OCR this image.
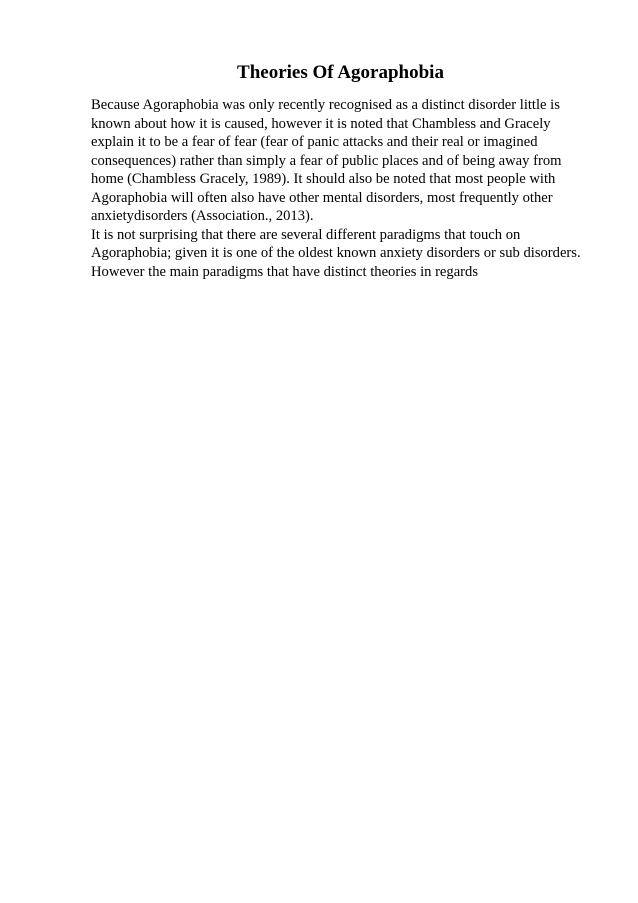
Theories Of Agoraphobia
Because Agoraphobia was only recently recognised as a distinct disorder little is
known about how it is caused, however it is noted that Chambless and Gracely
explain it to be a fear of fear (fear of panic attacks and their real or imagined
consequences) rather than simply a fear of public places and of being away from
home (Chambless Gracely, 1989). It should also be noted that most people with
Agoraphobia will often also have other mental disorders, most frequently other
anxietydisorders (Association., 2013).
It is not surprising that there are several different paradigms that touch on
Agoraphobia; given it is one of the oldest known anxiety disorders or sub disorders.
However the main paradigms that have distinct theories in regards
